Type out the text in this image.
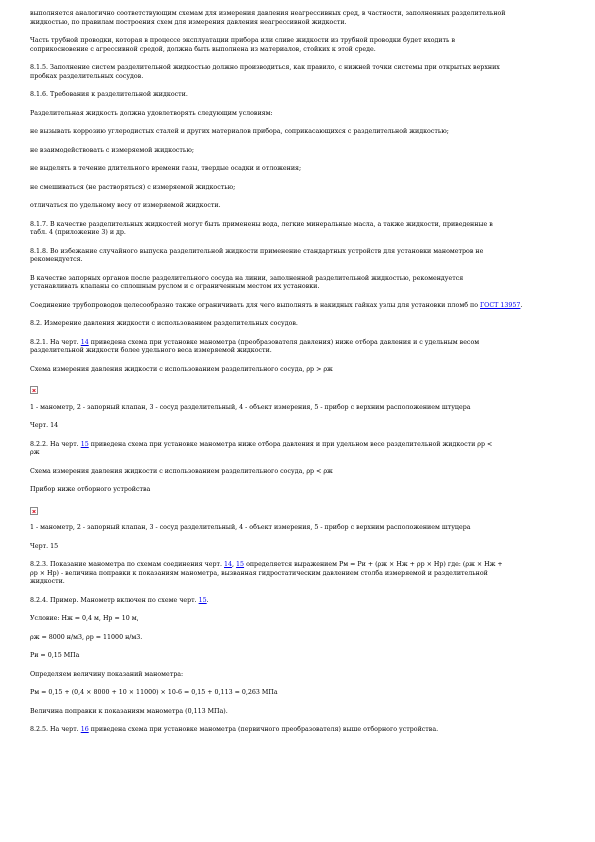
выполняется аналогично соответствующим схемам для измерения давления неагрессивных сред, в частности, заполненных разделительной
жидкостью, по правилам построения схем для измерения давления неагрессивной жидкости.

Часть трубной проводки, которая в процессе эксплуатации прибора или сливе жидкости из трубной проводки будет входить в
соприкосновение с агрессивной средой, должна быть выполнена из материалов, стойких к этой среде.

8.1.5. Заполнение систем разделительной жидкостью должно производиться, как правило, с нижней точки системы при открытых верхних
пробках разделительных сосудов.

8.1.6. Требования к разделительной жидкости.

Разделительная жидкость должна удовлетворять следующим условиям:

не вызывать коррозию углеродистых сталей и других материалов прибора, соприкасающихся с разделительной жидкостью;

не взаимодействовать с измеряемой жидкостью;

не выделять в течение длительного времени газы, твердые осадки и отложения;

не смешиваться (не растворяться) с измеряемой жидкостью;

отличаться по удельному весу от измеряемой жидкости.

8.1.7. В качестве разделительных жидкостей могут быть применены вода, легкие минеральные масла, а также жидкости, приведенные в
табл. 4 (приложение 3) и др.

8.1.8. Во избежание случайного выпуска разделительной жидкости применение стандартных устройств для установки манометров не
рекомендуется.

В качестве запорных органов после разделительного сосуда на линии, заполненной разделительной жидкостью, рекомендуется
устанавливать клапаны со сплошным руслом и с ограниченным местом их установки.

Соединение трубопроводов целесообразно также ограничивать для чего выполнять в накидных гайках узлы для установки пломб по ГОСТ 13957.

8.2. Измерение давления жидкости с использованием разделительных сосудов.

8.2.1. На черт. 14 приведена схема при установке манометра (преобразователя давления) ниже отбора давления и с удельным весом
разделительной жидкости более удельного веса измеряемой жидкости.

Схема измерения давления жидкости с использованием разделительного сосуда, ρр > ρж

1 - манометр, 2 - запорный клапан, 3 - сосуд разделительный, 4 - объект измерения, 5 - прибор с верхним расположением штуцера

Черт. 14

8.2.2. На черт. 15 приведена схема при установке манометра ниже отбора давления и при удельном весе разделительной жидкости ρр <
ρж

Схема измерения давления жидкости с использованием разделительного сосуда, ρр < ρж

Прибор ниже отборного устройства

1 - манометр, 2 - запорный клапан, 3 - сосуд разделительный, 4 - объект измерения, 5 - прибор с верхним расположением штуцера

Черт. 15

8.2.3. Показание манометра по схемам соединения черт. 14, 15 определяется выражением Рм = Ри + (ρж × Нж + ρр × Нр) где: (ρж × Нж +
ρр × Нр) - величина поправки к показаниям манометра, вызванная гидростатическим давлением столба измеряемой и разделительной
жидкости.

8.2.4. Пример. Манометр включен по схеме черт. 15.

Условие: Нж = 0,4 м, Нр = 10 м,

ρж = 8000 н/м3, ρр = 11000 н/м3.

Ри = 0,15 МПа

Определяем величину показаний манометра:

Рм = 0,15 + (0,4 × 8000 + 10 × 11000) × 10-6 = 0,15 + 0,113 = 0,263 МПа

Величина поправки к показаниям манометра (0,113 МПа).

8.2.5. На черт. 16 приведена схема при установке манометра (первичного преобразователя) выше отборного устройства.
